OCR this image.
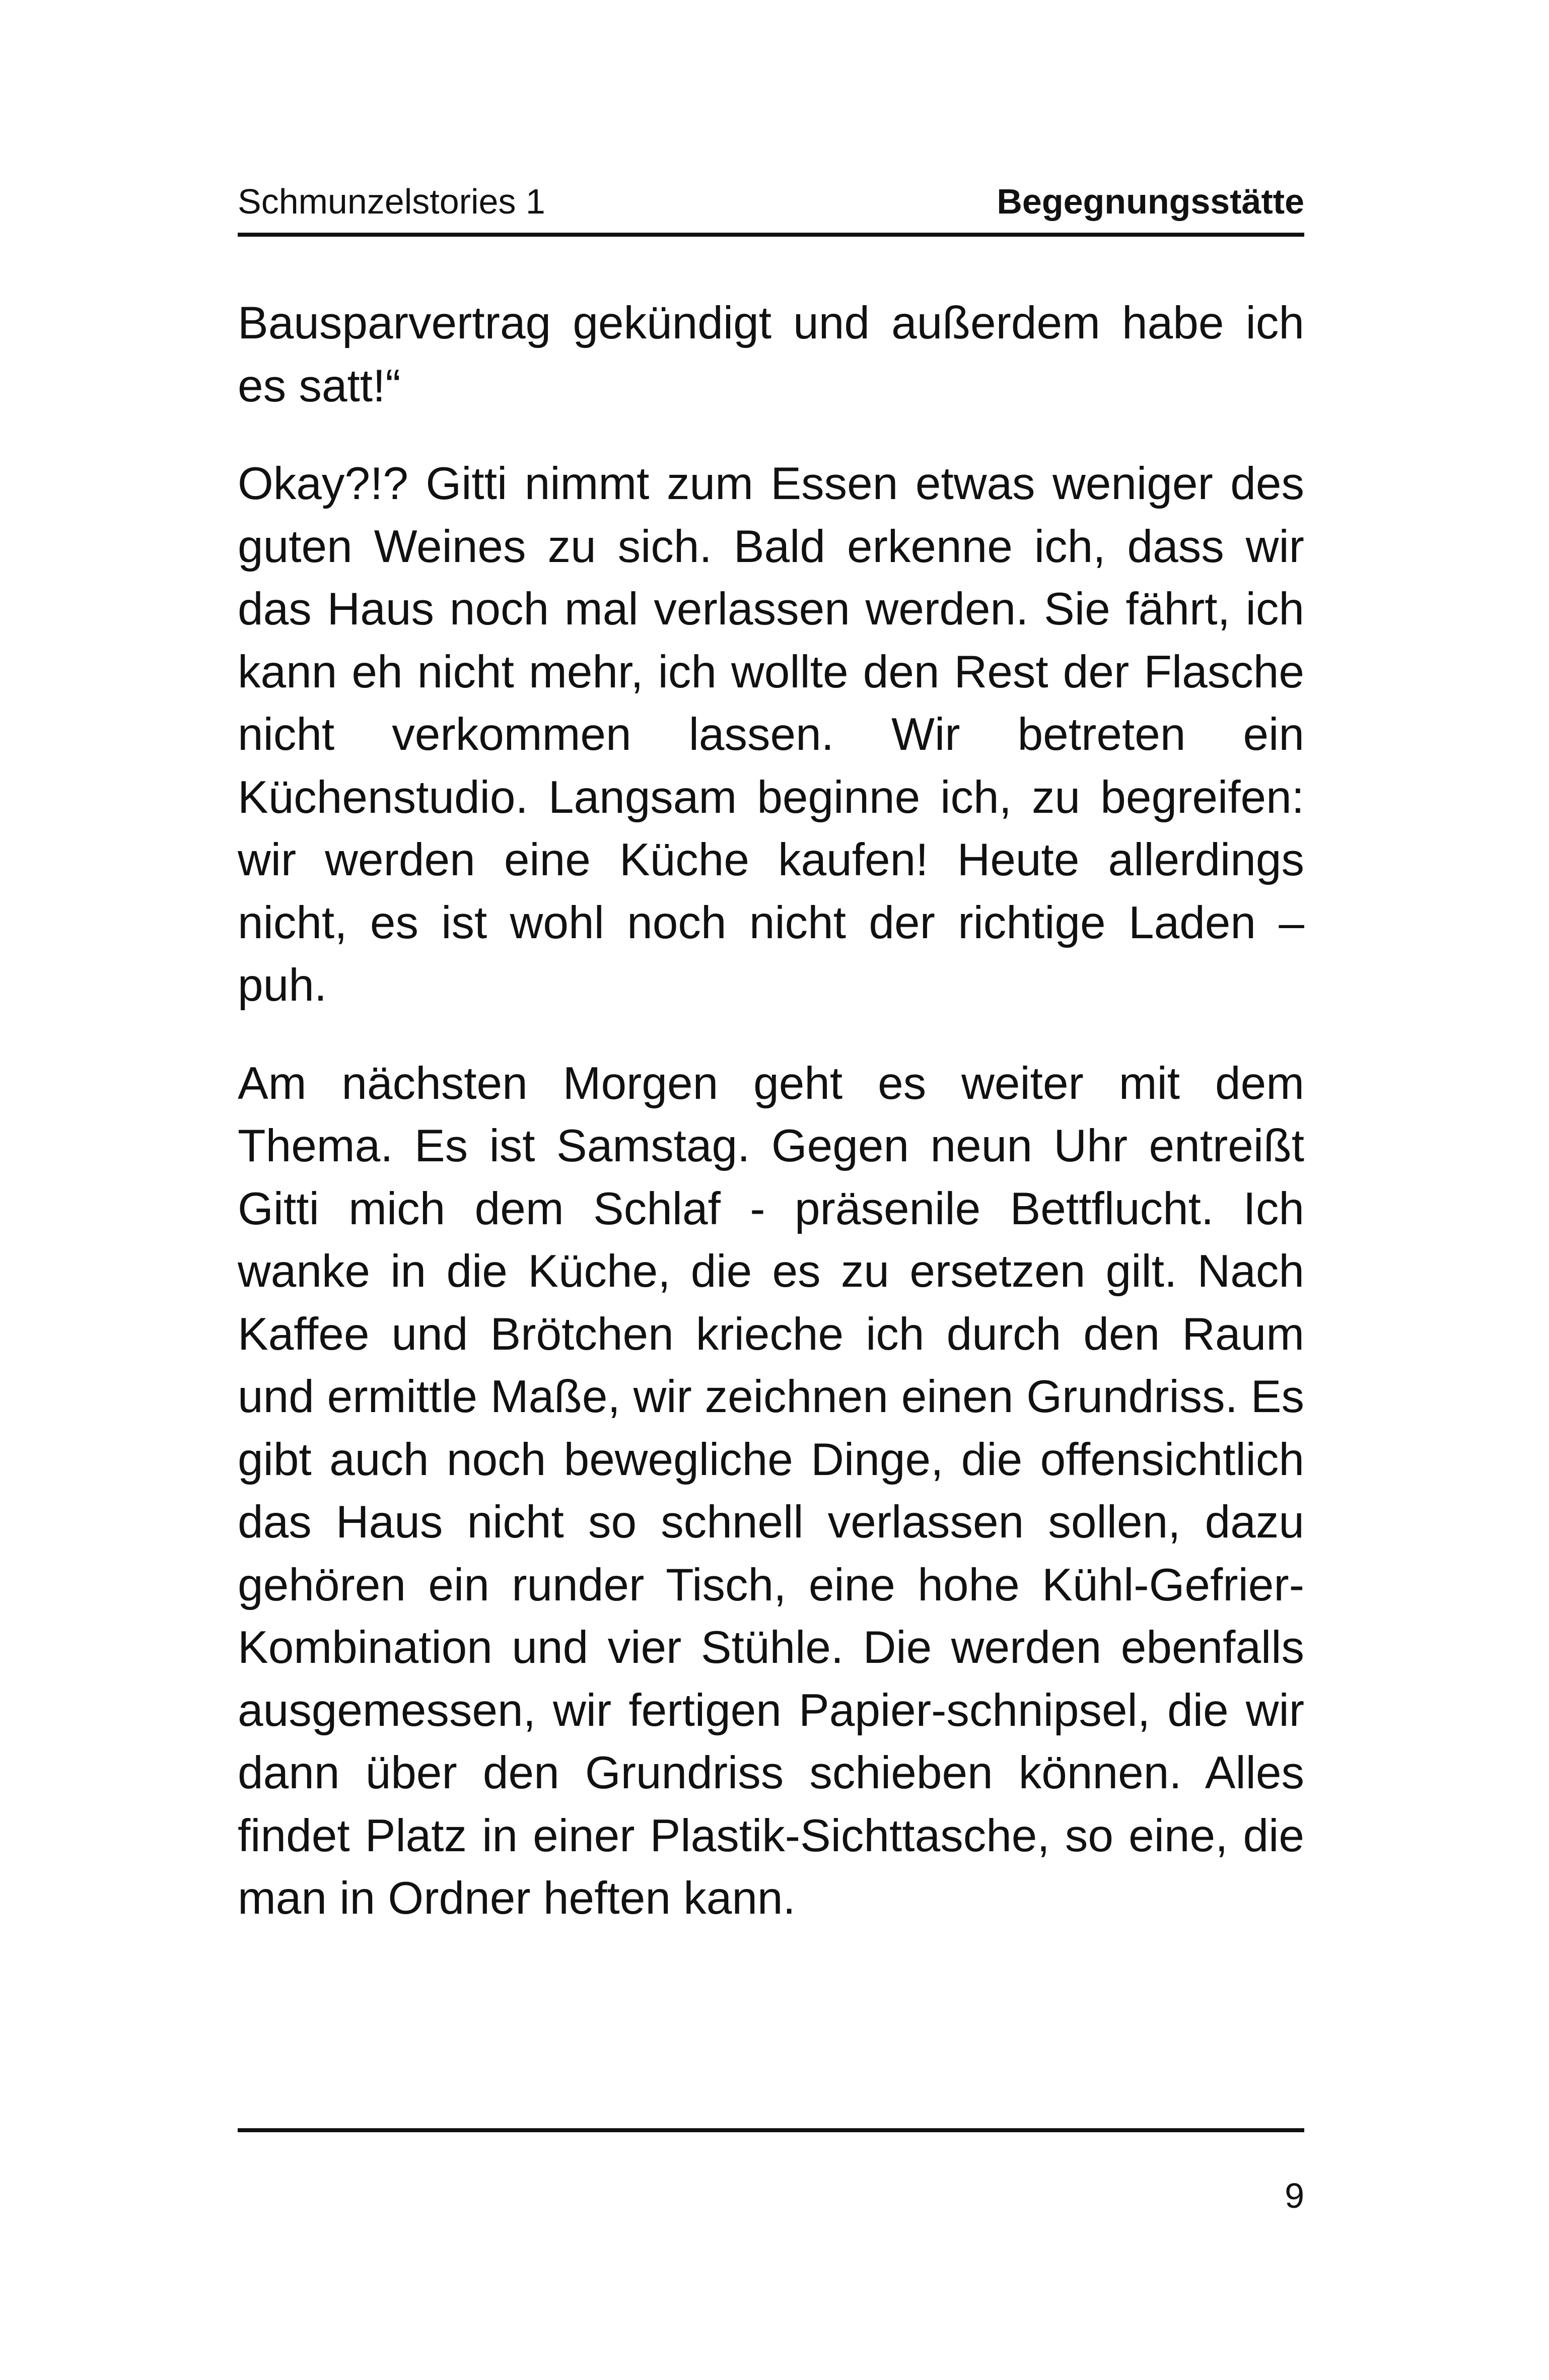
Schmunzelstories 1	Begegnungsstätte

Bausparvertrag gekündigt und außerdem habe ich es satt!“

Okay?!? Gitti nimmt zum Essen etwas weniger des guten Weines zu sich. Bald erkenne ich, dass wir das Haus noch mal verlassen werden. Sie fährt, ich kann eh nicht mehr, ich wollte den Rest der Flasche nicht verkommen lassen. Wir betreten ein Küchenstudio. Langsam beginne ich, zu begreifen: wir werden eine Küche kaufen! Heute allerdings nicht, es ist wohl noch nicht der richtige Laden – puh.

Am nächsten Morgen geht es weiter mit dem Thema. Es ist Samstag. Gegen neun Uhr entreißt Gitti mich dem Schlaf - präsenile Bettflucht. Ich wanke in die Küche, die es zu ersetzen gilt. Nach Kaffee und Brötchen krieche ich durch den Raum und ermittle Maße, wir zeichnen einen Grundriss. Es gibt auch noch bewegliche Dinge, die offensichtlich das Haus nicht so schnell verlassen sollen, dazu gehören ein runder Tisch, eine hohe Kühl-Gefrier-Kombination und vier Stühle. Die werden ebenfalls ausgemessen, wir fertigen Papier-schnipsel, die wir dann über den Grundriss schieben können. Alles findet Platz in einer Plastik-Sichttasche, so eine, die man in Ordner heften kann.

9
